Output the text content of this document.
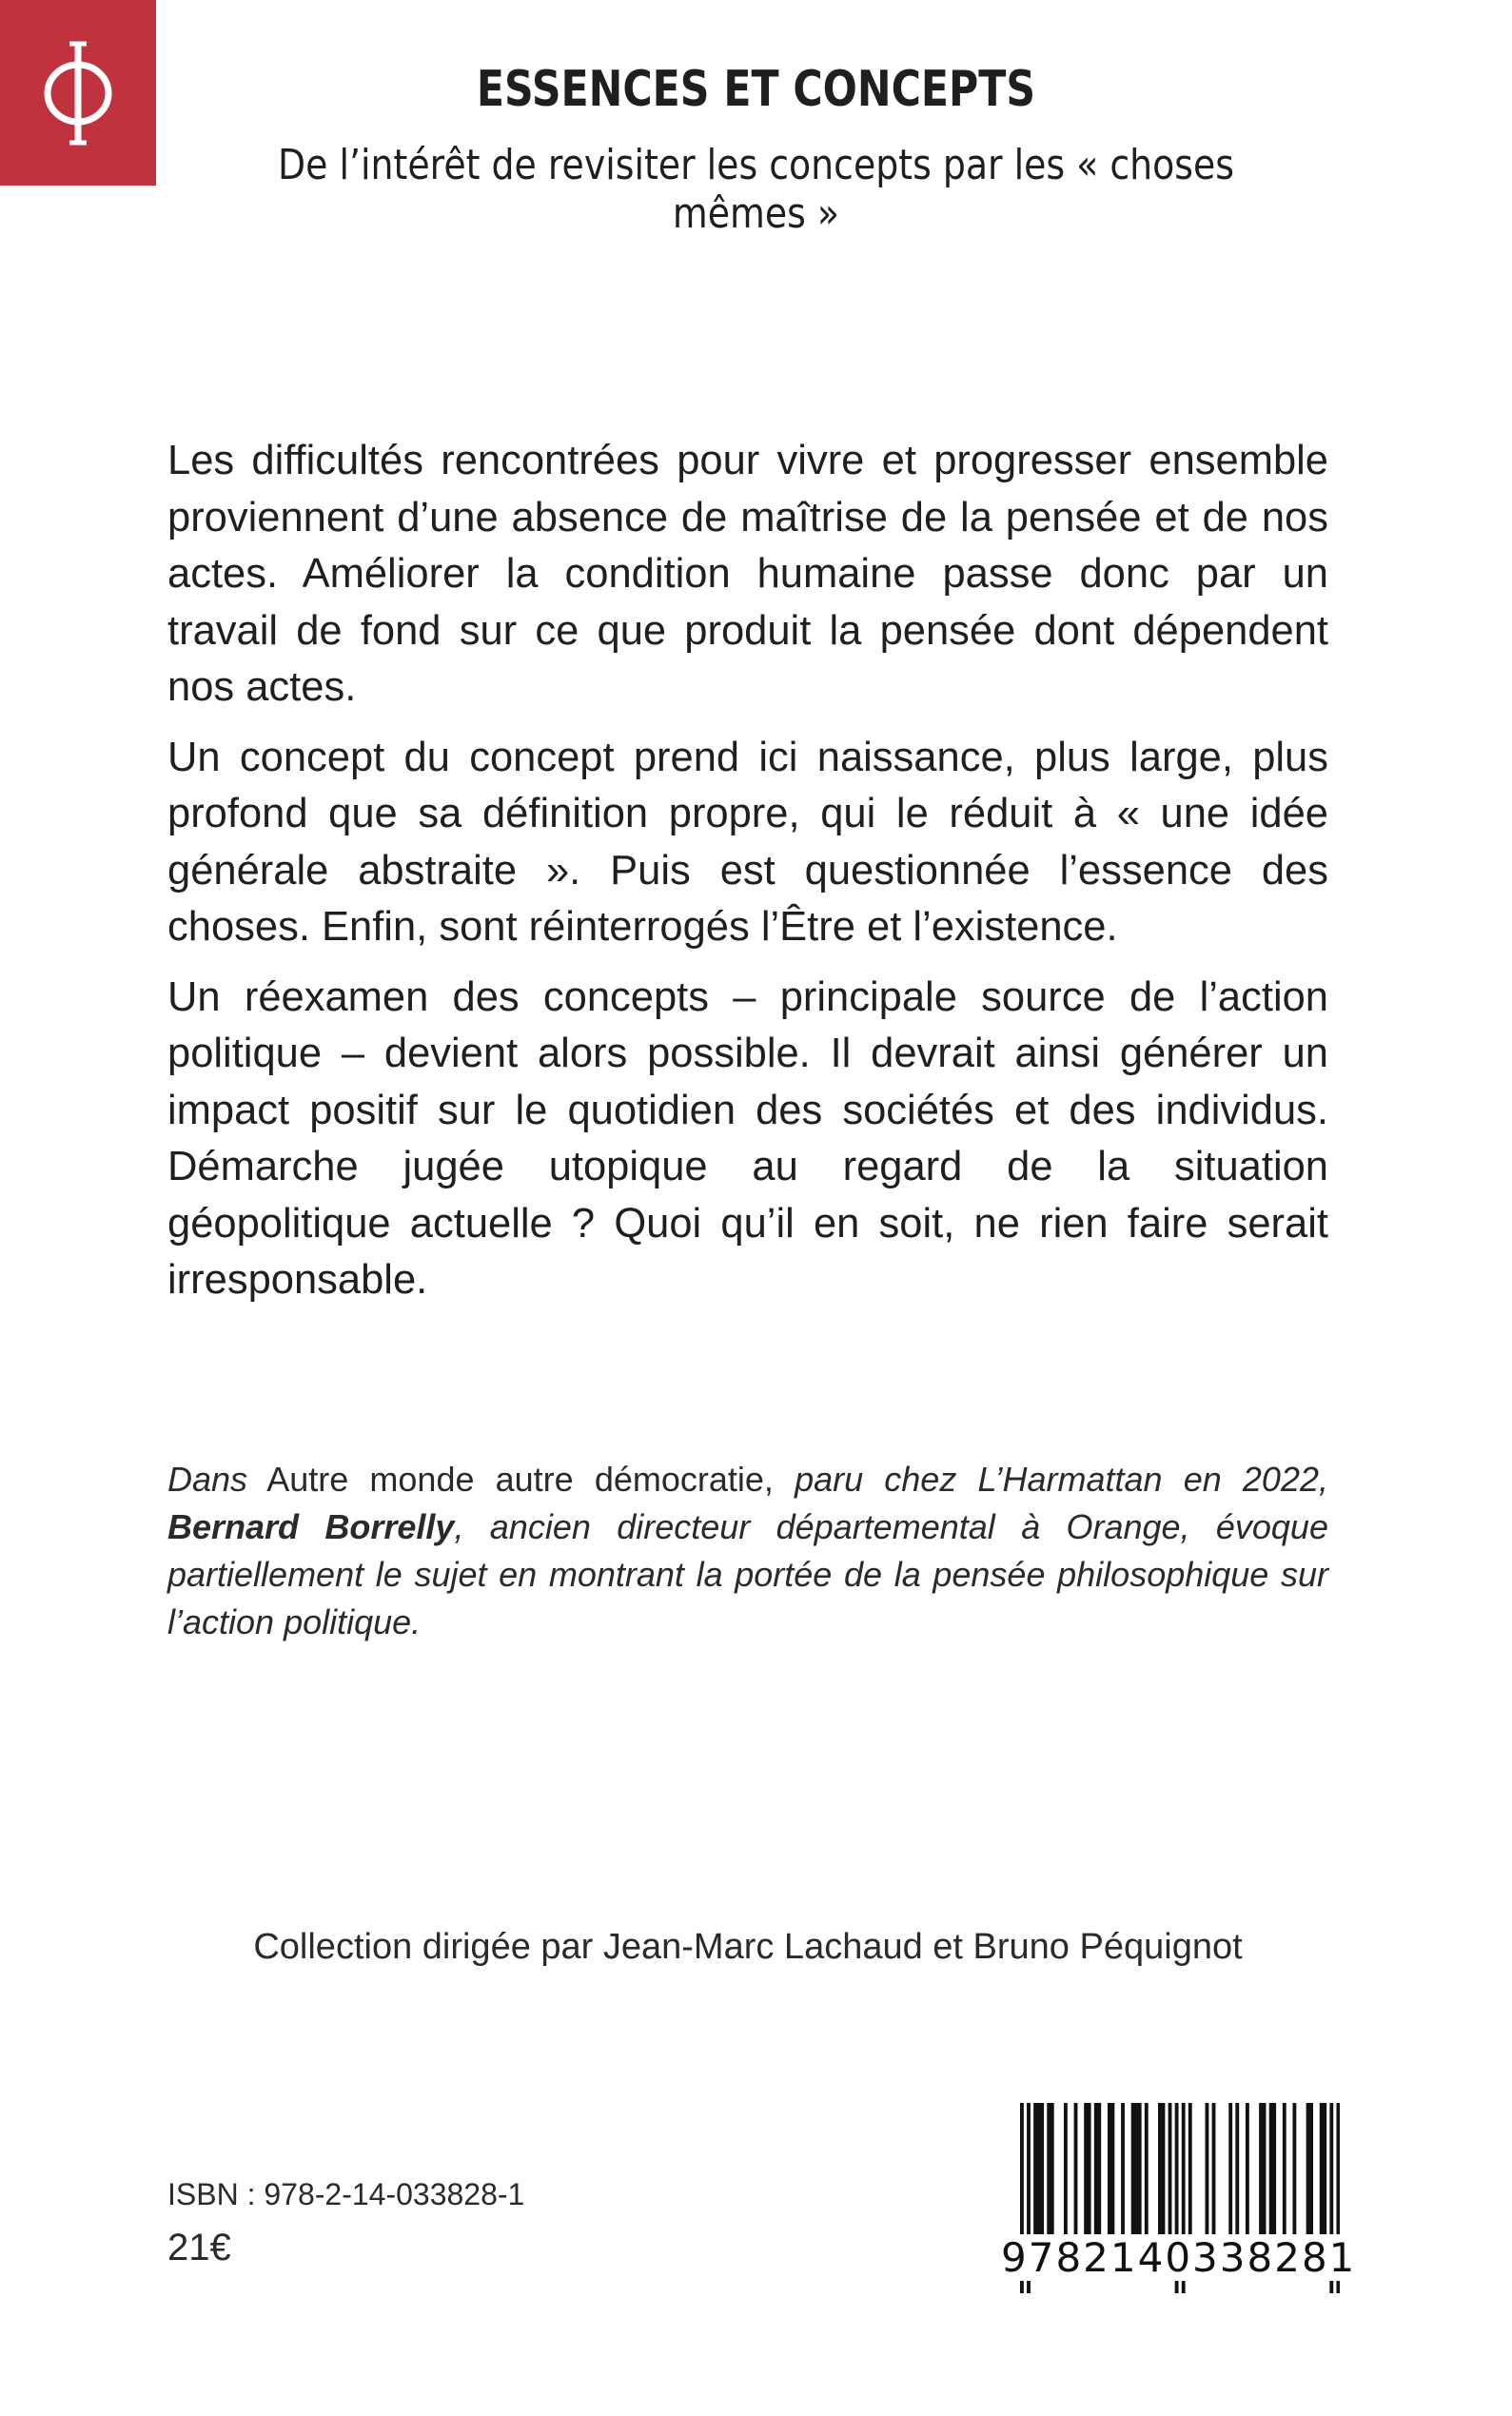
ESSENCES ET CONCEPTS
De l’intérêt de revisiter les concepts par les « choses mêmes »

Les difficultés rencontrées pour vivre et progresser ensemble proviennent d’une absence de maîtrise de la pensée et de nos actes. Améliorer la condition humaine passe donc par un travail de fond sur ce que produit la pensée dont dépendent nos actes.

Un concept du concept prend ici naissance, plus large, plus profond que sa définition propre, qui le réduit à « une idée générale abstraite ». Puis est questionnée l’essence des choses. Enfin, sont réinterrogés l’Être et l’existence.

Un réexamen des concepts – principale source de l’action politique – devient alors possible. Il devrait ainsi générer un impact positif sur le quotidien des sociétés et des individus. Démarche jugée utopique au regard de la situation géopolitique actuelle ? Quoi qu’il en soit, ne rien faire serait irresponsable.

Dans Autre monde autre démocratie, paru chez L’Harmattan en 2022, Bernard Borrelly, ancien directeur départemental à Orange, évoque partiellement le sujet en montrant la portée de la pensée philosophique sur l’action politique.
Collection dirigée par Jean-Marc Lachaud et Bruno Péquignot
ISBN : 978-2-14-033828-1
21€	9782140338281
